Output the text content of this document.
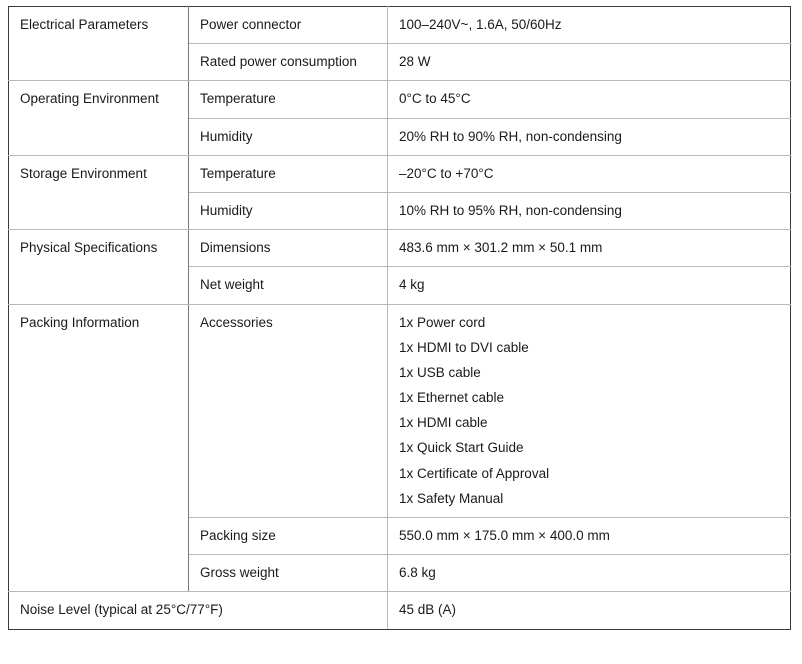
Electrical Parameters	Power connector	100–240V~, 1.6A, 50/60Hz
	Rated power consumption	28 W
Operating Environment	Temperature	0°C to 45°C
	Humidity	20% RH to 90% RH, non-condensing
Storage Environment	Temperature	–20°C to +70°C
	Humidity	10% RH to 95% RH, non-condensing
Physical Specifications	Dimensions	483.6 mm × 301.2 mm × 50.1 mm
	Net weight	4 kg
Packing Information	Accessories	1x Power cord
1x HDMI to DVI cable
1x USB cable
1x Ethernet cable
1x HDMI cable
1x Quick Start Guide
1x Certificate of Approval
1x Safety Manual

	Packing size	550.0 mm × 175.0 mm × 400.0 mm
	Gross weight	6.8 kg
Noise Level (typical at 25°C/77°F)		45 dB (A)
